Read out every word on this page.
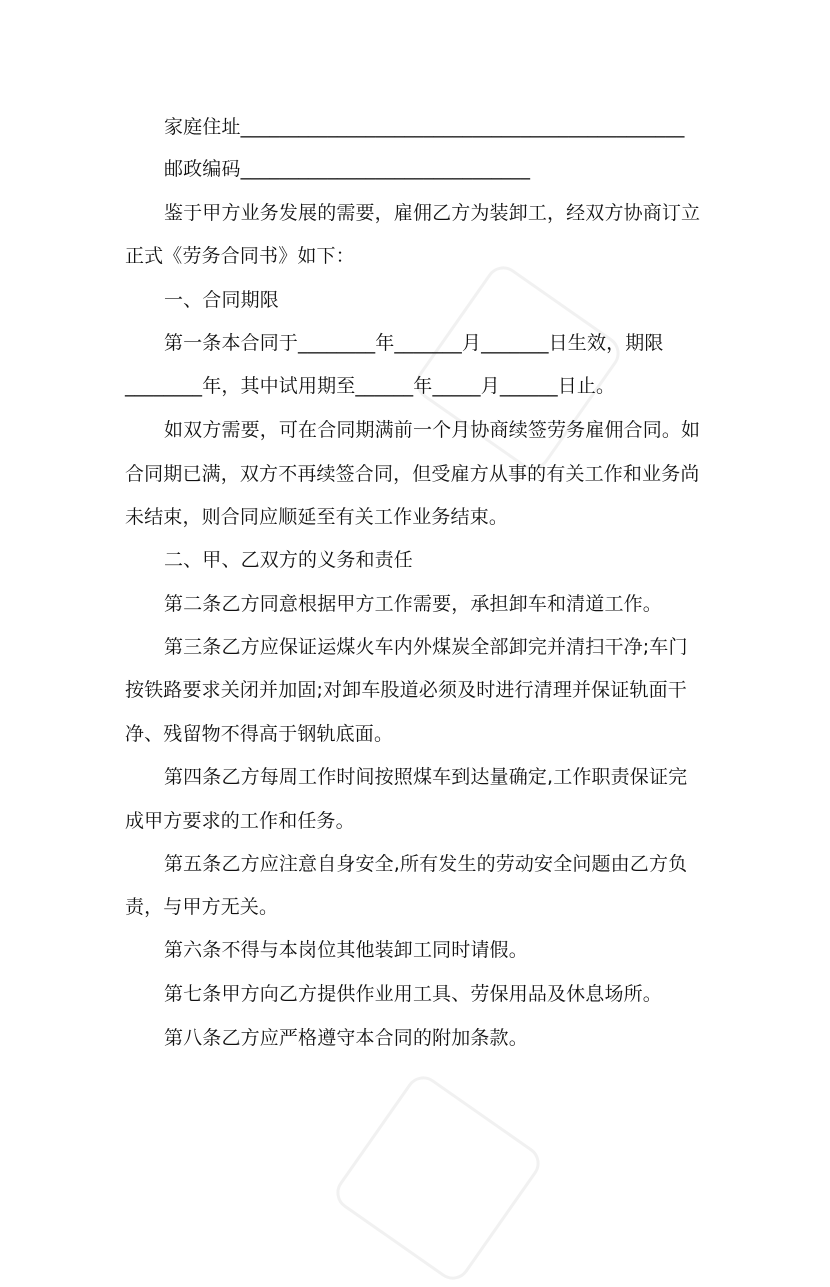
家庭住址______________________________________________
邮政编码______________________________
鉴于甲方业务发展的需要，雇佣乙方为装卸工，经双方协商订立
正式《劳务合同书》如下：
一、合同期限
第一条本合同于________年_______月_______日生效，期限
________年，其中试用期至______年_____月______日止。
如双方需要，可在合同期满前一个月协商续签劳务雇佣合同。如
合同期已满，双方不再续签合同，但受雇方从事的有关工作和业务尚
未结束，则合同应顺延至有关工作业务结束。
二、甲、乙双方的义务和责任
第二条乙方同意根据甲方工作需要，承担卸车和清道工作。
第三条乙方应保证运煤火车内外煤炭全部卸完并清扫干净;车门
按铁路要求关闭并加固;对卸车股道必须及时进行清理并保证轨面干
净、残留物不得高于钢轨底面。
第四条乙方每周工作时间按照煤车到达量确定,工作职责保证完
成甲方要求的工作和任务。
第五条乙方应注意自身安全,所有发生的劳动安全问题由乙方负
责，与甲方无关。
第六条不得与本岗位其他装卸工同时请假。
第七条甲方向乙方提供作业用工具、劳保用品及休息场所。
第八条乙方应严格遵守本合同的附加条款。
